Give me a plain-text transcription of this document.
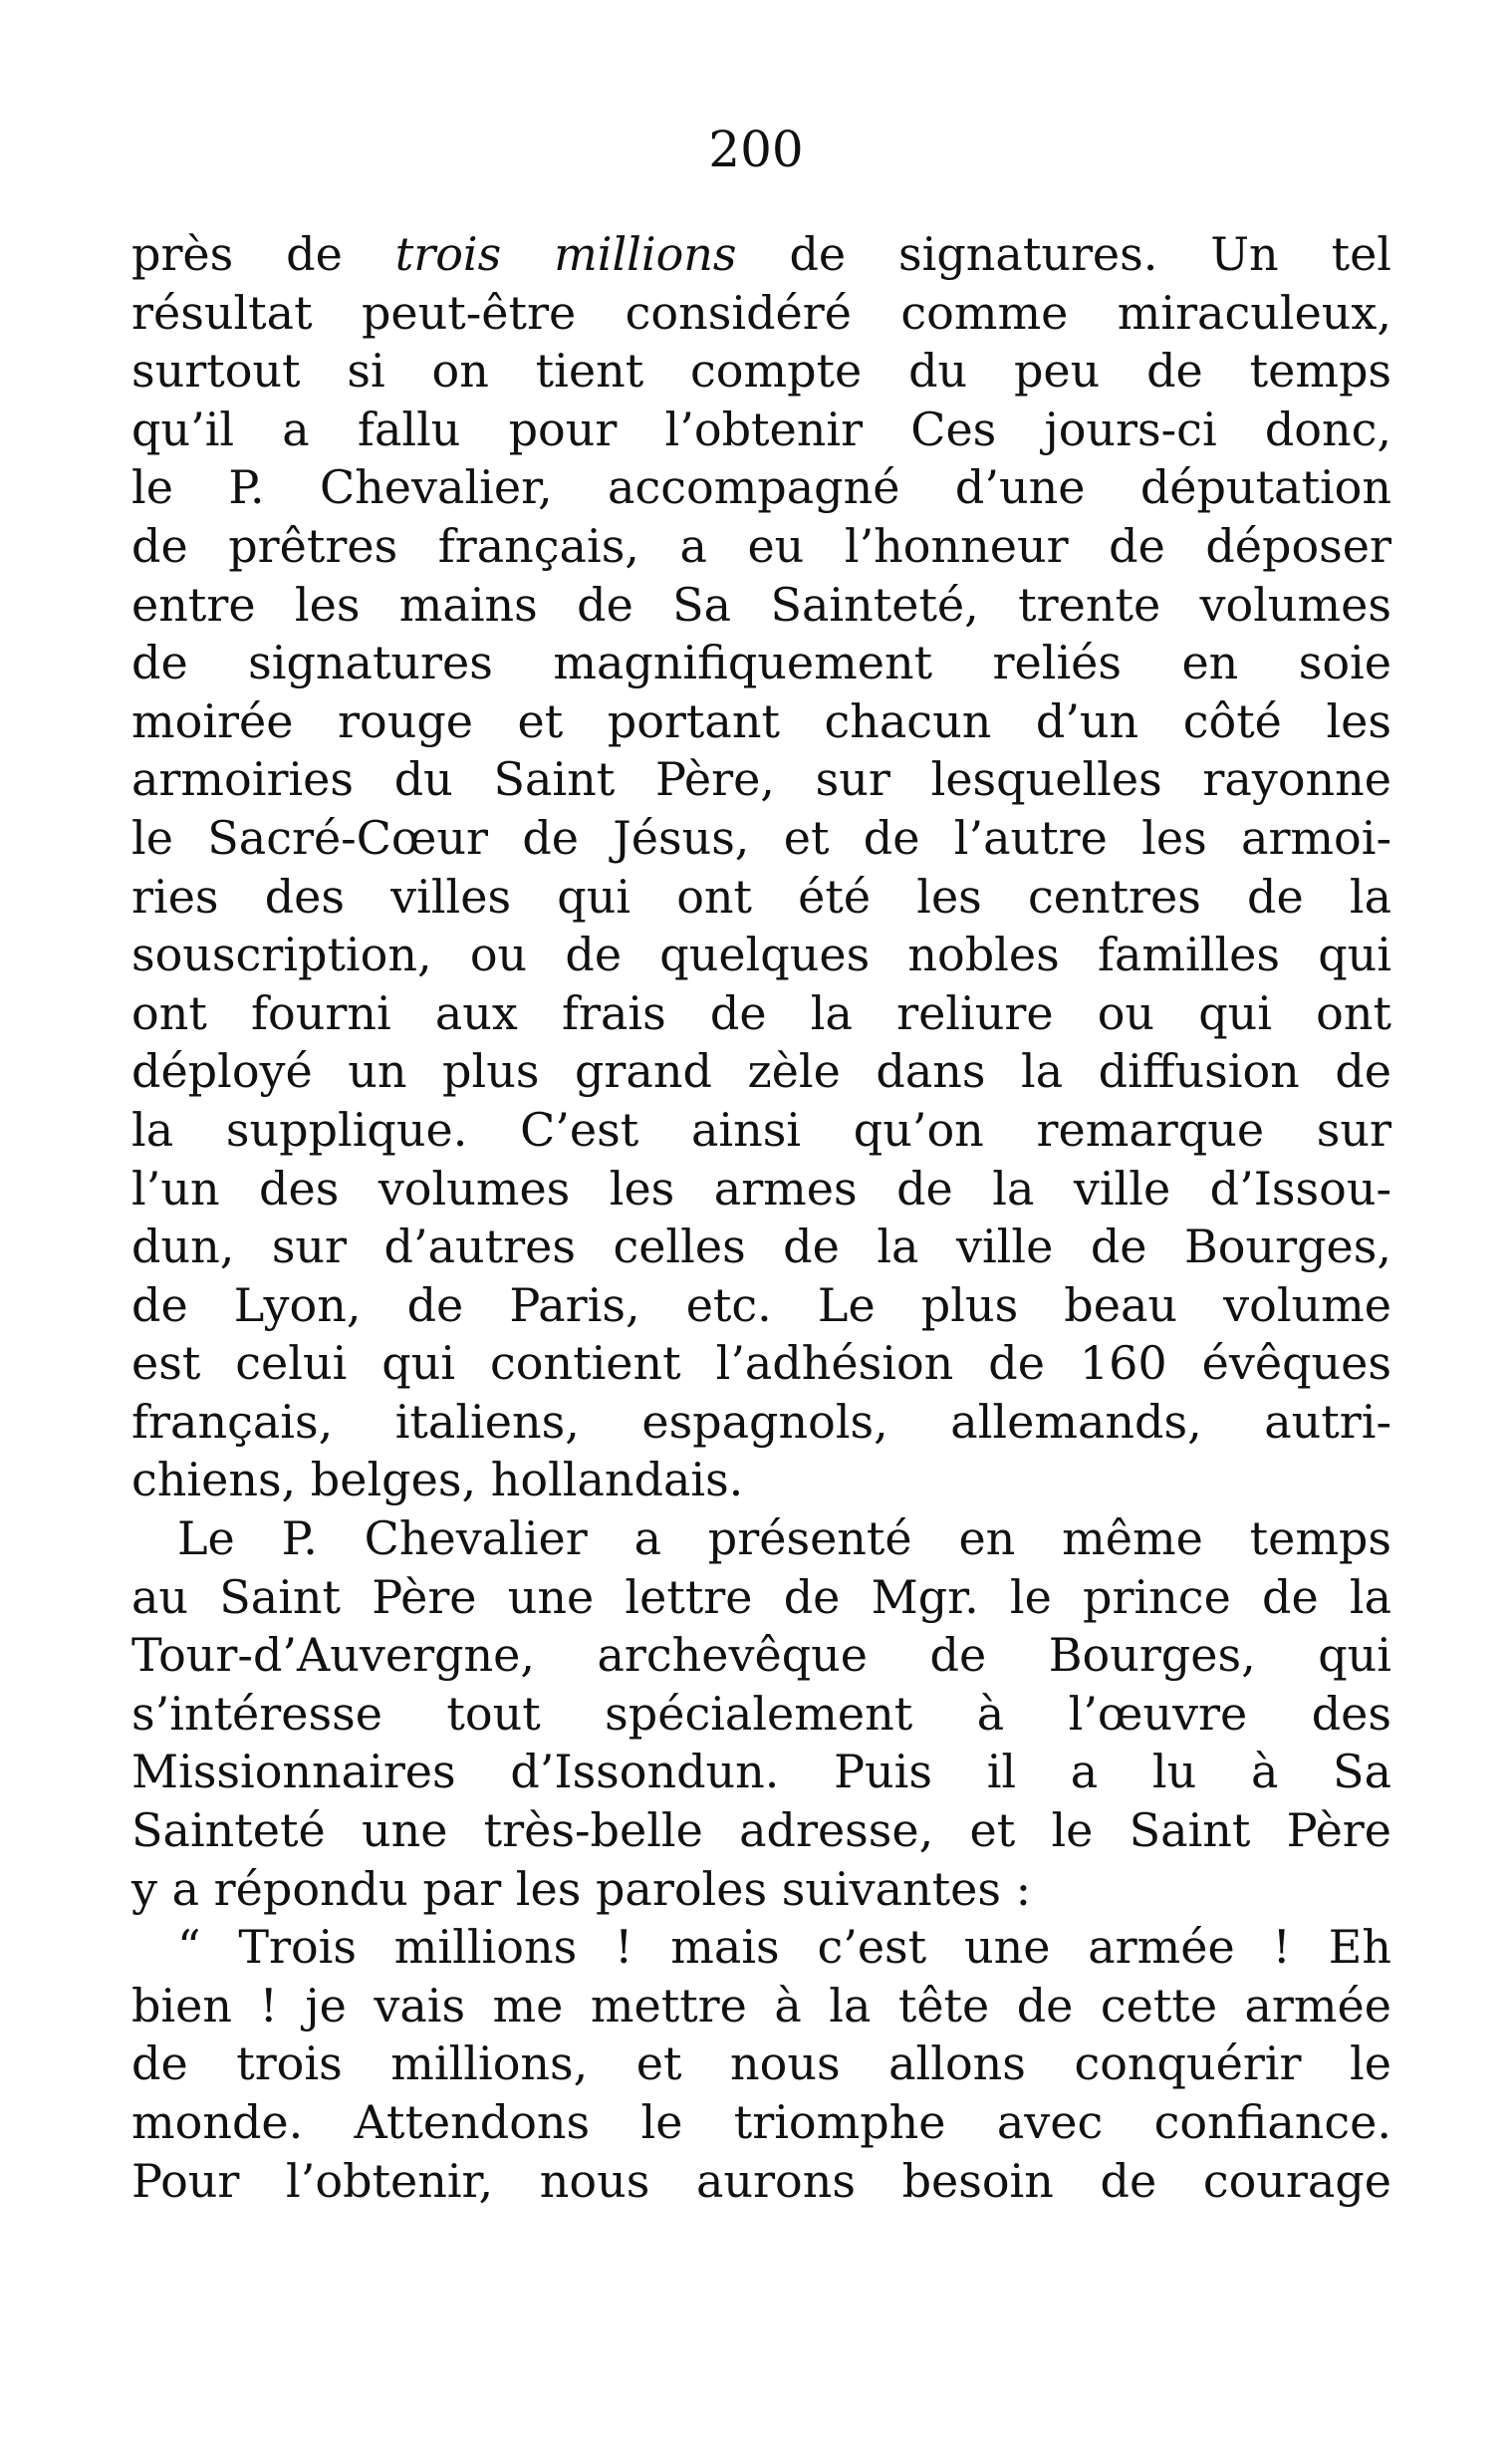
200
près de trois millions de signatures. Un tel
résultat peut-être considéré comme miraculeux,
surtout si on tient compte du peu de temps
qu’il a fallu pour l’obtenir Ces jours-ci donc,
le P. Chevalier, accompagné d’une députation
de prêtres français, a eu l’honneur de déposer
entre les mains de Sa Sainteté, trente volumes
de signatures magnifiquement reliés en soie
moirée rouge et portant chacun d’un côté les
armoiries du Saint Père, sur lesquelles rayonne
le Sacré-Cœur de Jésus, et de l’autre les armoi-
ries des villes qui ont été les centres de la
souscription, ou de quelques nobles familles qui
ont fourni aux frais de la reliure ou qui ont
déployé un plus grand zèle dans la diffusion de
la supplique. C’est ainsi qu’on remarque sur
l’un des volumes les armes de la ville d’Issou-
dun, sur d’autres celles de la ville de Bourges,
de Lyon, de Paris, etc. Le plus beau volume
est celui qui contient l’adhésion de 160 évêques
français, italiens, espagnols, allemands, autri-
chiens, belges, hollandais.
Le P. Chevalier a présenté en même temps
au Saint Père une lettre de Mgr. le prince de la
Tour-d’Auvergne, archevêque de Bourges, qui
s’intéresse tout spécialement à l’œuvre des
Missionnaires d’Issondun. Puis il a lu à Sa
Sainteté une très-belle adresse, et le Saint Père
y a répondu par les paroles suivantes :
“ Trois millions ! mais c’est une armée ! Eh
bien ! je vais me mettre à la tête de cette armée
de trois millions, et nous allons conquérir le
monde. Attendons le triomphe avec confiance.
Pour l’obtenir, nous aurons besoin de courage
